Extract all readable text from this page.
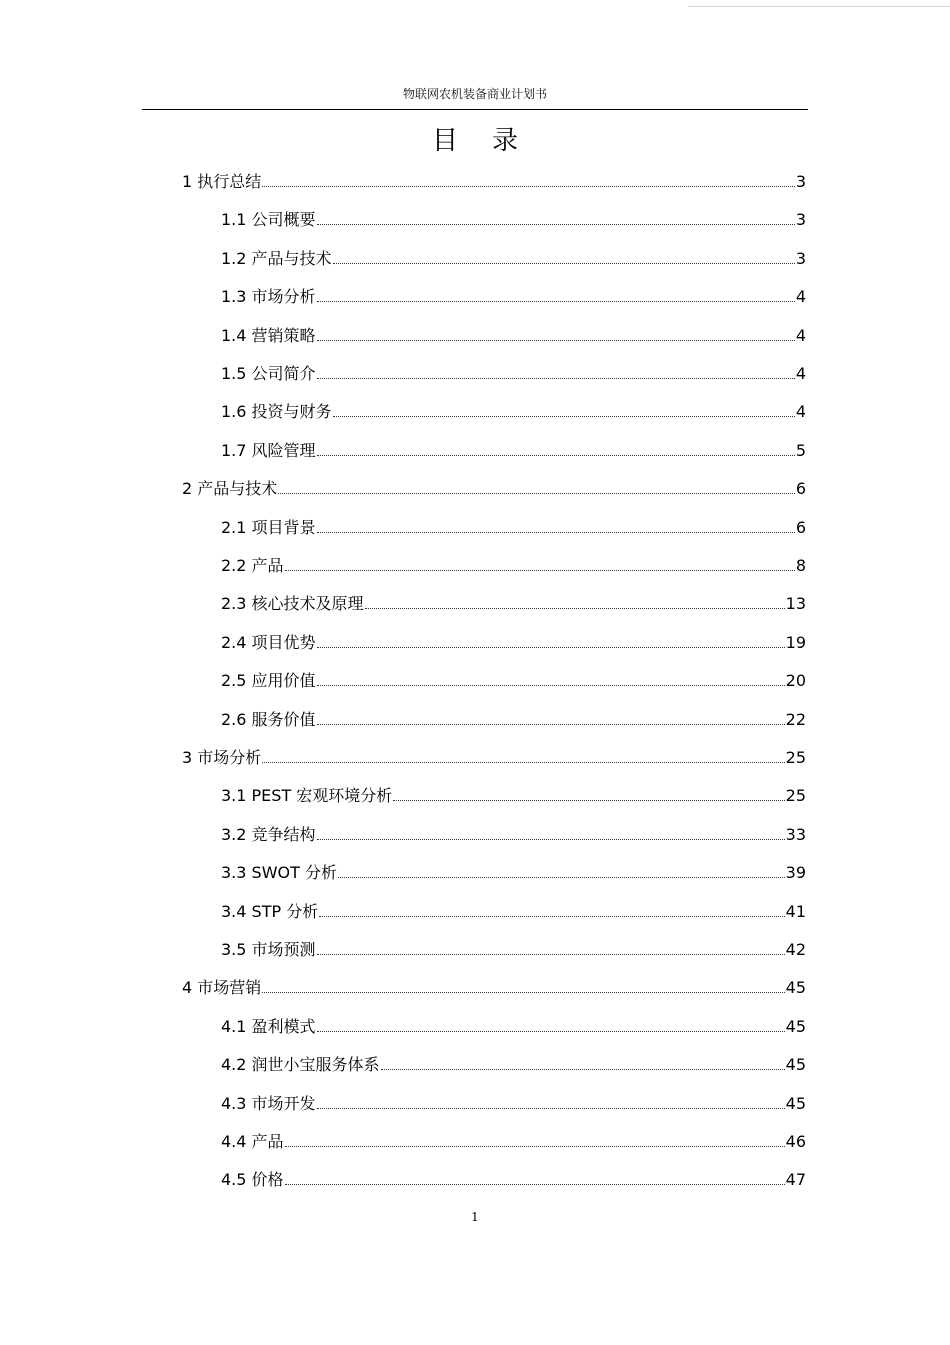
物联网农机装备商业计划书
目录
1 执行总结	3
1.1 公司概要	3
1.2 产品与技术	3
1.3 市场分析	4
1.4 营销策略	4
1.5 公司简介	4
1.6 投资与财务	4
1.7 风险管理	5
2 产品与技术	6
2.1 项目背景	6
2.2 产品	8
2.3 核心技术及原理	13
2.4 项目优势	19
2.5 应用价值	20
2.6 服务价值	22
3 市场分析	25
3.1 PEST 宏观环境分析	25
3.2 竞争结构	33
3.3 SWOT 分析	39
3.4 STP 分析	41
3.5 市场预测	42
4 市场营销	45
4.1 盈利模式	45
4.2 润世小宝服务体系	45
4.3 市场开发	45
4.4 产品	46
4.5 价格	47
1
